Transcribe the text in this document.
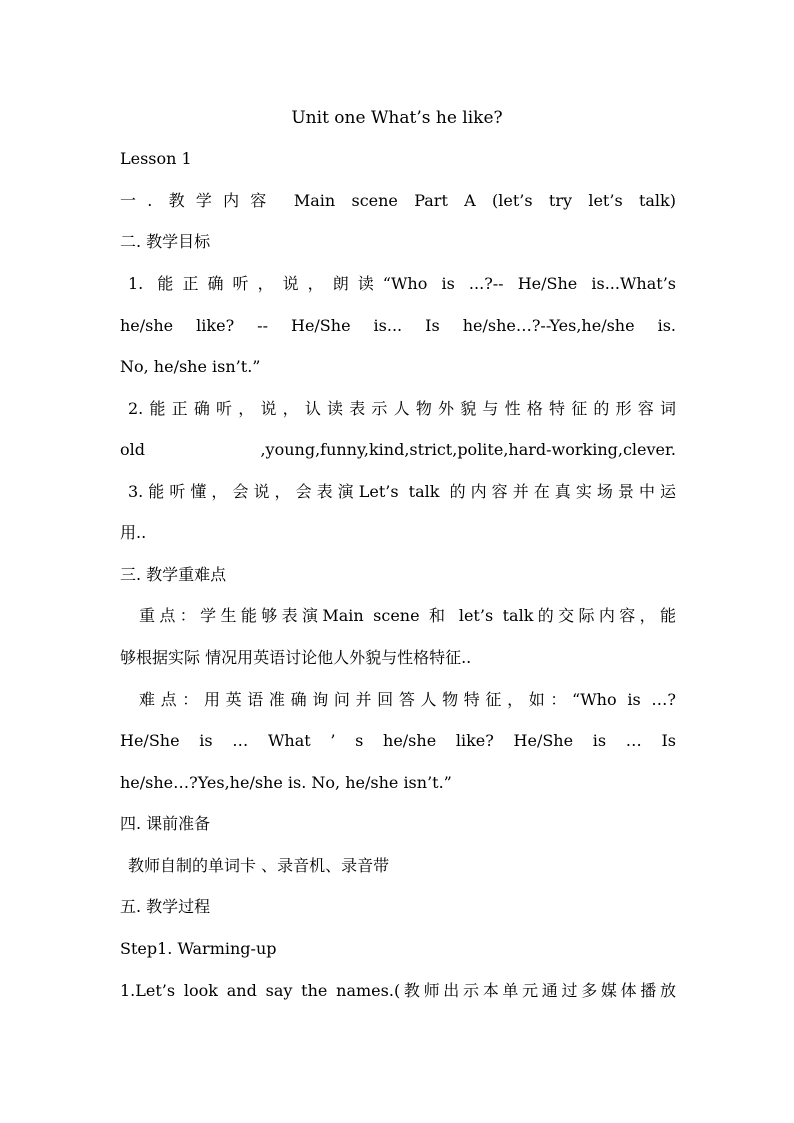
Unit one What’s he like?
Lesson 1
一. 教学内容 Main scene Part A (let’s try let’s talk)
二. 教学目标
1. 能正确听，说，朗读“Who is ...?-- He/She is...What’s
he/she like? -- He/She is... Is he/she…?--Yes,he/she is.
No, he/she isn’t.”
2.能正确听，说，认读表示人物外貌与性格特征的形容词
old ,young,funny,kind,strict,polite,hard-working,clever.
3.能听懂，会说，会表演Let’s talk 的内容并在真实场景中运
用..
三. 教学重难点
重点：学生能够表演Main scene 和 let’s talk的交际内容，能
够根据实际 情况用英语讨论他人外貌与性格特征..
难点：用英语准确询问并回答人物特征，如：“Who is …?
He/She is … What ’ s he/she like? He/She is … Is
he/she…?Yes,he/she is. No, he/she isn’t.”
四. 课前准备
教师自制的单词卡 、录音机、录音带
五. 教学过程
Step1. Warming-up
1.Let’s look and say the names.(教师出示本单元通过多媒体播放
